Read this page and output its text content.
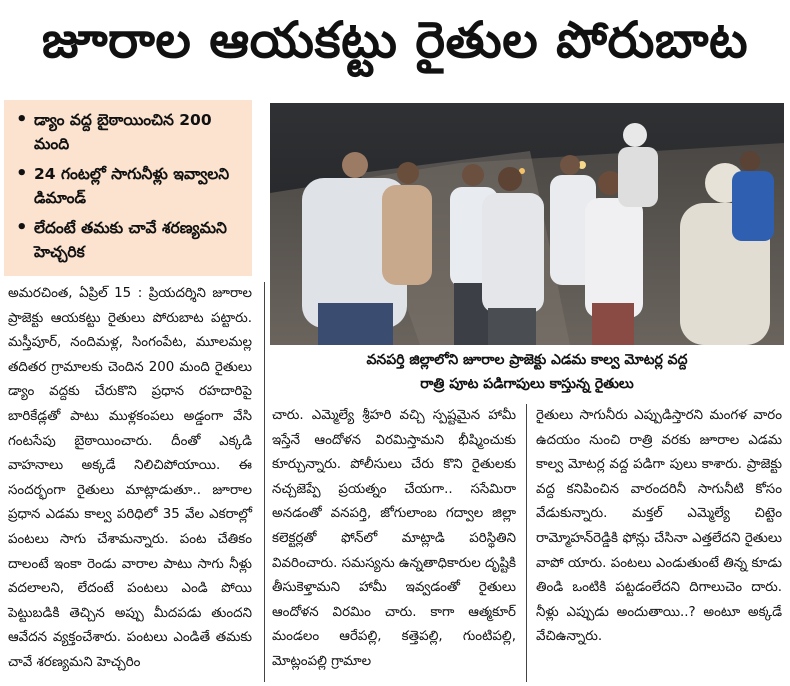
జూరాల ఆయకట్టు రైతుల పోరుబాట
• డ్యాం వద్ద బైఠాయించిన 200 మంది
• 24 గంటల్లో సాగునీళ్లు ఇవ్వాలని డిమాండ్
• లేదంటే తమకు చావే శరణ్యమని హెచ్చరిక
వనపర్తి జిల్లాలోని జూరాల ప్రాజెక్టు ఎడమ కాల్వ మోటర్ల వద్ద
రాత్రి పూట పడిగాపులు కాస్తున్న రైతులు

అమరచింత, ఏప్రిల్ 15 : ప్రియదర్శిని జూరాల ప్రాజెక్టు ఆయకట్టు రైతులు పోరుబాట పట్టారు. మస్తీపూర్, నందిమళ్ల, సింగంపేట, మూలమల్ల తదితర గ్రామాలకు చెందిన 200 మంది రైతులు డ్యాం వద్దకు చేరుకొని ప్రధాన రహదారిపై బారికేడ్లతో పాటు ముళ్లకంపలు అడ్డంగా వేసి గంటసేపు బైఠాయించారు. దీంతో ఎక్కడి వాహనాలు అక్కడే నిలిచిపోయాయి. ఈ సందర్భంగా రైతులు మాట్లాడుతూ.. జూరాల ప్రధాన ఎడమ కాల్వ పరిధిలో 35 వేల ఎకరాల్లో పంటలు సాగు చేశామన్నారు. పంట చేతికం దాలంటే ఇంకా రెండు వారాల పాటు సాగు నీళ్లు వదలాలని, లేదంటే పంటలు ఎండి పోయి పెట్టుబడికి తెచ్చిన అప్పు మీదపడు తుందని ఆవేదన వ్యక్తంచేశారు. పంటలు ఎండితే తమకు చావే శరణ్యమని హెచ్చరిం

చారు. ఎమ్మెల్యే శ్రీహరి వచ్చి స్పష్టమైన హామీ ఇస్తేనే ఆందోళన విరమిస్తామని భీష్మించుకు కూర్చున్నారు. పోలీసులు చేరు కొని రైతులకు నచ్చజెప్పే ప్రయత్నం చేయగా.. ససేమిరా అనడంతో వనపర్తి, జోగులాంబ గద్వాల జిల్లా కలెక్టర్లతో ఫోన్‌లో మాట్లాడి పరిస్థితిని వివరించారు. సమస్యను ఉన్నతాధికారుల దృష్టికి తీసుకెళ్తామని హామీ ఇవ్వడంతో రైతులు ఆందోళన విరమిం చారు. కాగా ఆత్మకూర్ మండలం ఆరేపల్లి, కత్తెపల్లి, గుంటిపల్లి, మోట్లంపల్లి గ్రామాల

రైతులు సాగునీరు ఎప్పుడిస్తారని మంగళ వారం ఉదయం నుంచి రాత్రి వరకు జూరాల ఎడమ కాల్వ మోటర్ల వద్ద పడిగా పులు కాశారు. ప్రాజెక్టు వద్ద కనిపించిన వారందరినీ సాగునీటి కోసం వేడుకున్నారు. మక్తల్ ఎమ్మెల్యే చిట్టెం రామ్మోహన్‌రెడ్డికి ఫోన్లు చేసినా ఎత్తలేదని రైతులు వాపో యారు. పంటలు ఎండుతుంటే తిన్న కూడు తిండి ఒంటికి పట్టడంలేదని దిగాలుచెం దారు. నీళ్లు ఎప్పుడు అందుతాయి..? అంటూ అక్కడే వేచిఉన్నారు.
